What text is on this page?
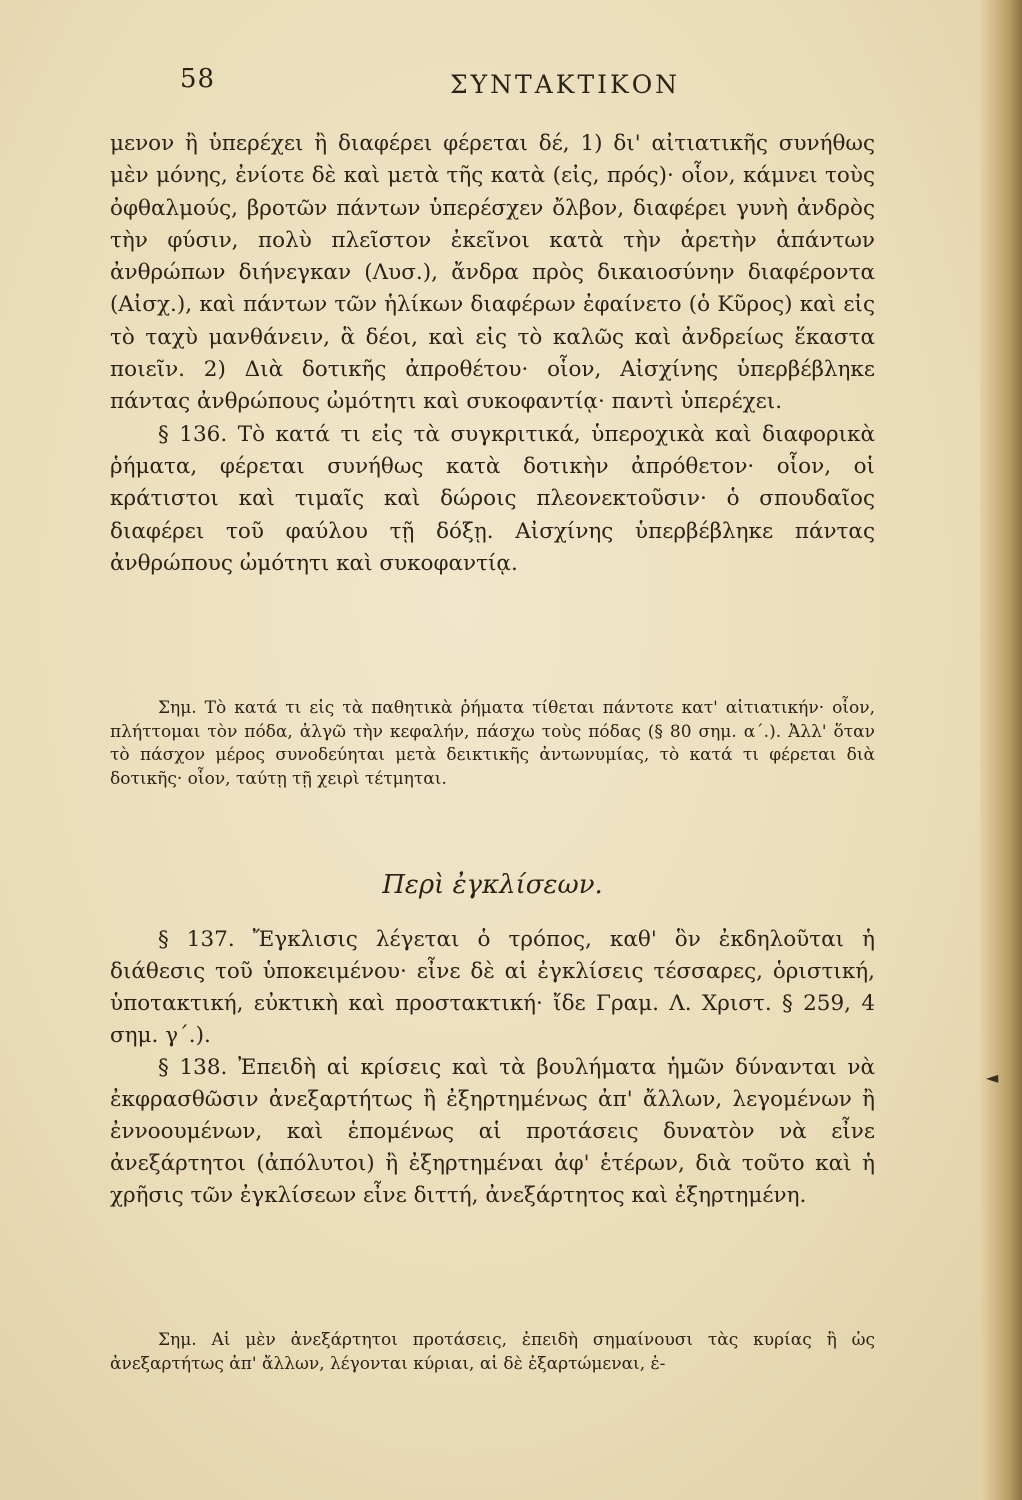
58	ΣΥΝΤΑΚΤΙΚΟΝ

μενον ἢ ὑπερέχει ἢ διαφέρει φέρεται δέ, 1) δι' αἰτιατικῆς συνήθως μὲν μόνης, ἐνίοτε δὲ καὶ μετὰ τῆς κατὰ (εἰς, πρός)· οἷον, κάμνει τοὺς ὀφθαλμούς, βροτῶν πάντων ὑπερέσχεν ὄλβον, διαφέρει γυνὴ ἀνδρὸς τὴν φύσιν, πολὺ πλεῖστον ἐκεῖνοι κατὰ τὴν ἀρετὴν ἁπάντων ἀνθρώπων διήνεγκαν (Λυσ.), ἄνδρα πρὸς δικαιοσύνην διαφέροντα (Αἰσχ.), καὶ πάντων τῶν ἡλίκων διαφέρων ἐφαίνετο (ὁ Κῦρος) καὶ εἰς τὸ ταχὺ μανθάνειν, ἃ δέοι, καὶ εἰς τὸ καλῶς καὶ ἀνδρείως ἕκαστα ποιεῖν. 2) Διὰ δοτικῆς ἀπροθέτου· οἷον, Αἰσχίνης ὑπερβέβληκε πάντας ἀνθρώπους ὠμότητι καὶ συκοφαντίᾳ· παντὶ ὑπερέχει.

§ 136. Τὸ κατά τι εἰς τὰ συγκριτικά, ὑπεροχικὰ καὶ διαφορικὰ ῥήματα, φέρεται συνήθως κατὰ δοτικὴν ἀπρόθετον· οἷον, οἱ κράτιστοι καὶ τιμαῖς καὶ δώροις πλεονεκτοῦσιν· ὁ σπουδαῖος διαφέρει τοῦ φαύλου τῇ δόξῃ. Αἰσχίνης ὑπερβέβληκε πάντας ἀνθρώπους ὠμότητι καὶ συκοφαντίᾳ.

Σημ. Τὸ κατά τι εἰς τὰ παθητικὰ ῥήματα τίθεται πάντοτε κατ' αἰτιατικήν· οἷον, πλήττομαι τὸν πόδα, ἀλγῶ τὴν κεφαλήν, πάσχω τοὺς πόδας (§ 80 σημ. α΄.). Ἀλλ' ὅταν τὸ πάσχον μέρος συνοδεύηται μετὰ δεικτικῆς ἀντωνυμίας, τὸ κατά τι φέρεται διὰ δοτικῆς· οἷον, ταύτῃ τῇ χειρὶ τέτμηται.

Περὶ ἐγκλίσεων.

§ 137. Ἔγκλισις λέγεται ὁ τρόπος, καθ' ὃν ἐκδηλοῦται ἡ διάθεσις τοῦ ὑποκειμένου· εἶνε δὲ αἱ ἐγκλίσεις τέσσαρες, ὁριστική, ὑποτακτική, εὐκτικὴ καὶ προστακτική· ἴδε Γραμ. Λ. Χριστ. § 259, 4 σημ. γ΄.).

§ 138. Ἐπειδὴ αἱ κρίσεις καὶ τὰ βουλήματα ἡμῶν δύνανται νὰ ἐκφρασθῶσιν ἀνεξαρτήτως ἢ ἐξηρτημένως ἀπ' ἄλλων, λεγομένων ἢ ἐννοουμένων, καὶ ἑπομένως αἱ προτάσεις δυνατὸν νὰ εἶνε ἀνεξάρτητοι (ἀπόλυτοι) ἢ ἐξηρτημέναι ἀφ' ἑτέρων, διὰ τοῦτο καὶ ἡ χρῆσις τῶν ἐγκλίσεων εἶνε διττή, ἀνεξάρτητος καὶ ἐξηρτημένη.

Σημ. Αἱ μὲν ἀνεξάρτητοι προτάσεις, ἐπειδὴ σημαίνουσι τὰς κυρίας ἢ ὡς ἀνεξαρτήτως ἀπ' ἄλλων, λέγονται κύριαι, αἱ δὲ ἐξαρτώμεναι, ἐ-

◄
